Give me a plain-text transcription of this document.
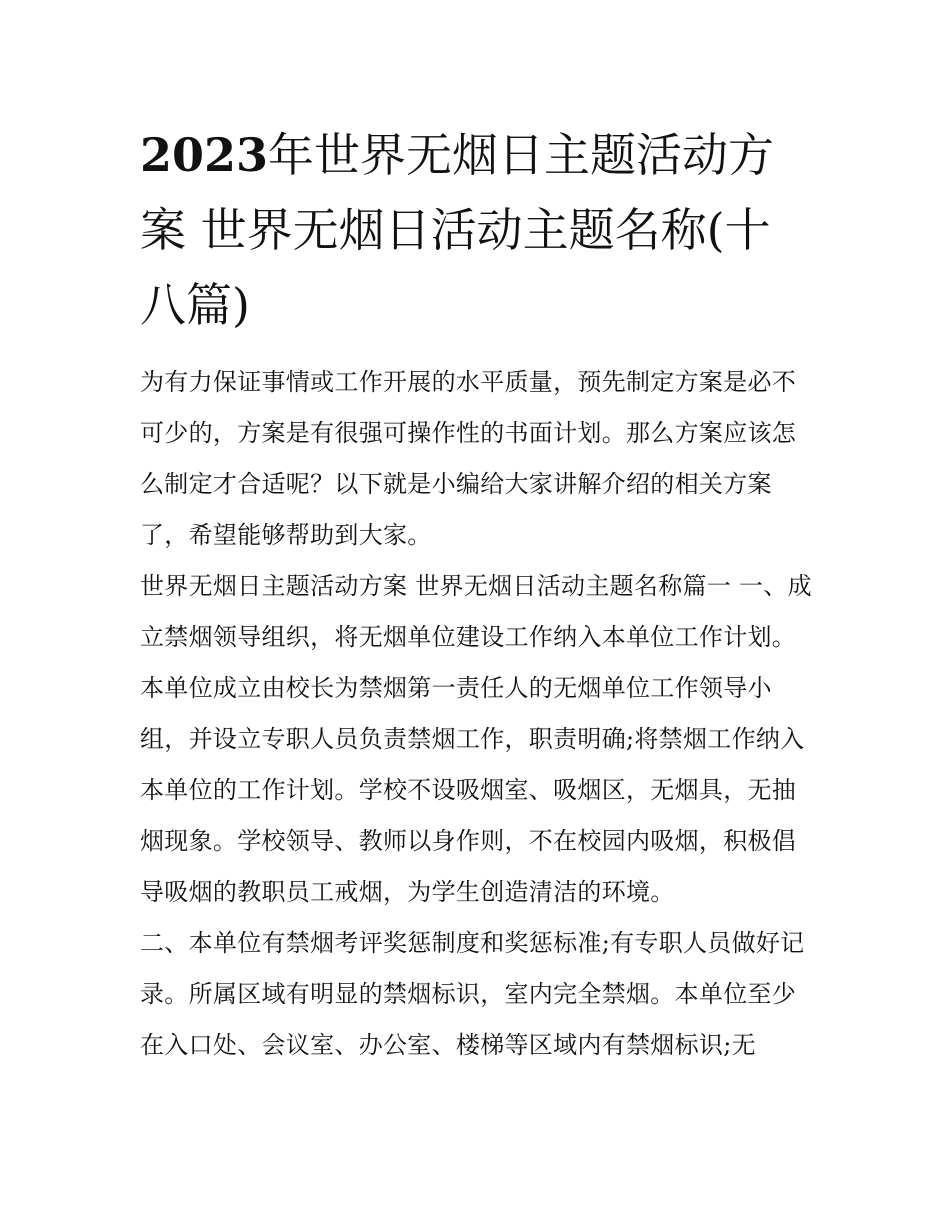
2023年世界无烟日主题活动方案 世界无烟日活动主题名称(十八篇)

为有力保证事情或工作开展的水平质量，预先制定方案是必不可少的，方案是有很强可操作性的书面计划。那么方案应该怎么制定才合适呢？以下就是小编给大家讲解介绍的相关方案了，希望能够帮助到大家。

世界无烟日主题活动方案 世界无烟日活动主题名称篇一 一、成立禁烟领导组织，将无烟单位建设工作纳入本单位工作计划。

本单位成立由校长为禁烟第一责任人的无烟单位工作领导小组，并设立专职人员负责禁烟工作，职责明确;将禁烟工作纳入本单位的工作计划。学校不设吸烟室、吸烟区，无烟具，无抽烟现象。学校领导、教师以身作则，不在校园内吸烟，积极倡导吸烟的教职员工戒烟，为学生创造清洁的环境。

二、本单位有禁烟考评奖惩制度和奖惩标准;有专职人员做好记录。所属区域有明显的禁烟标识，室内完全禁烟。本单位至少在入口处、会议室、办公室、楼梯等区域内有禁烟标识;无
